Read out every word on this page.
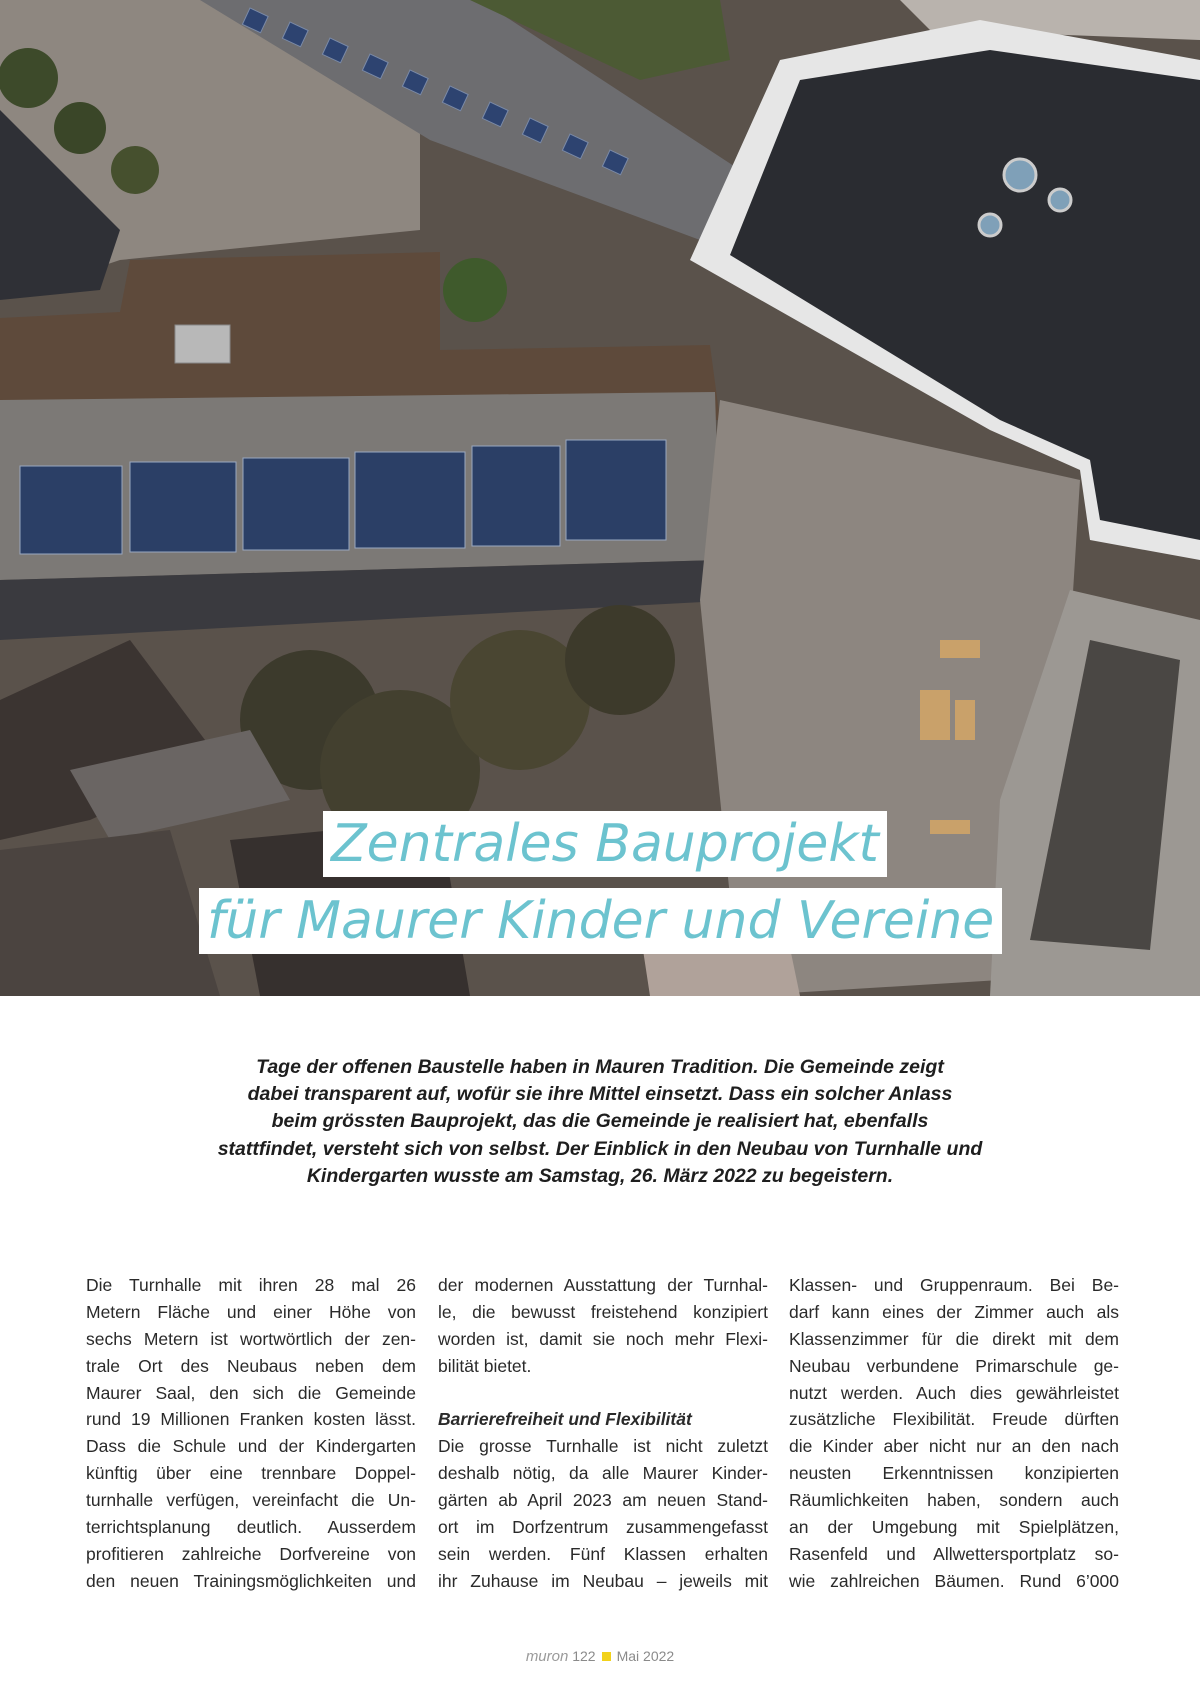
Zentrales Bauprojekt
für Maurer Kinder und Vereine
Tage der offenen Baustelle haben in Mauren Tradition. Die Gemeinde zeigt
dabei transparent auf, wofür sie ihre Mittel einsetzt. Dass ein solcher Anlass
beim grössten Bauprojekt, das die Gemeinde je realisiert hat, ebenfalls
stattfindet, versteht sich von selbst. Der Einblick in den Neubau von Turnhalle und
Kindergarten wusste am Samstag, 26. März 2022 zu begeistern.
Die Turnhalle mit ihren 28 mal 26
Metern Fläche und einer Höhe von
sechs Metern ist wortwörtlich der zen-
trale Ort des Neubaus neben dem
Maurer Saal, den sich die Gemeinde
rund 19 Millionen Franken kosten lässt.
Dass die Schule und der Kindergarten
künftig über eine trennbare Doppel-
turnhalle verfügen, vereinfacht die Un-
terrichtsplanung deutlich. Ausserdem
profitieren zahlreiche Dorfvereine von
den neuen Trainingsmöglichkeiten und
der modernen Ausstattung der Turnhal-
le, die bewusst freistehend konzipiert
worden ist, damit sie noch mehr Flexi-
bilität bietet.
Barrierefreiheit und Flexibilität
Die grosse Turnhalle ist nicht zuletzt
deshalb nötig, da alle Maurer Kinder-
gärten ab April 2023 am neuen Stand-
ort im Dorfzentrum zusammengefasst
sein werden. Fünf Klassen erhalten
ihr Zuhause im Neubau – jeweils mit
Klassen- und Gruppenraum. Bei Be-
darf kann eines der Zimmer auch als
Klassenzimmer für die direkt mit dem
Neubau verbundene Primarschule ge-
nutzt werden. Auch dies gewährleistet
zusätzliche Flexibilität. Freude dürften
die Kinder aber nicht nur an den nach
neusten Erkenntnissen konzipierten
Räumlichkeiten haben, sondern auch
an der Umgebung mit Spielplätzen,
Rasenfeld und Allwettersportplatz so-
wie zahlreichen Bäumen. Rund 6’000
muron 122 Mai 2022
